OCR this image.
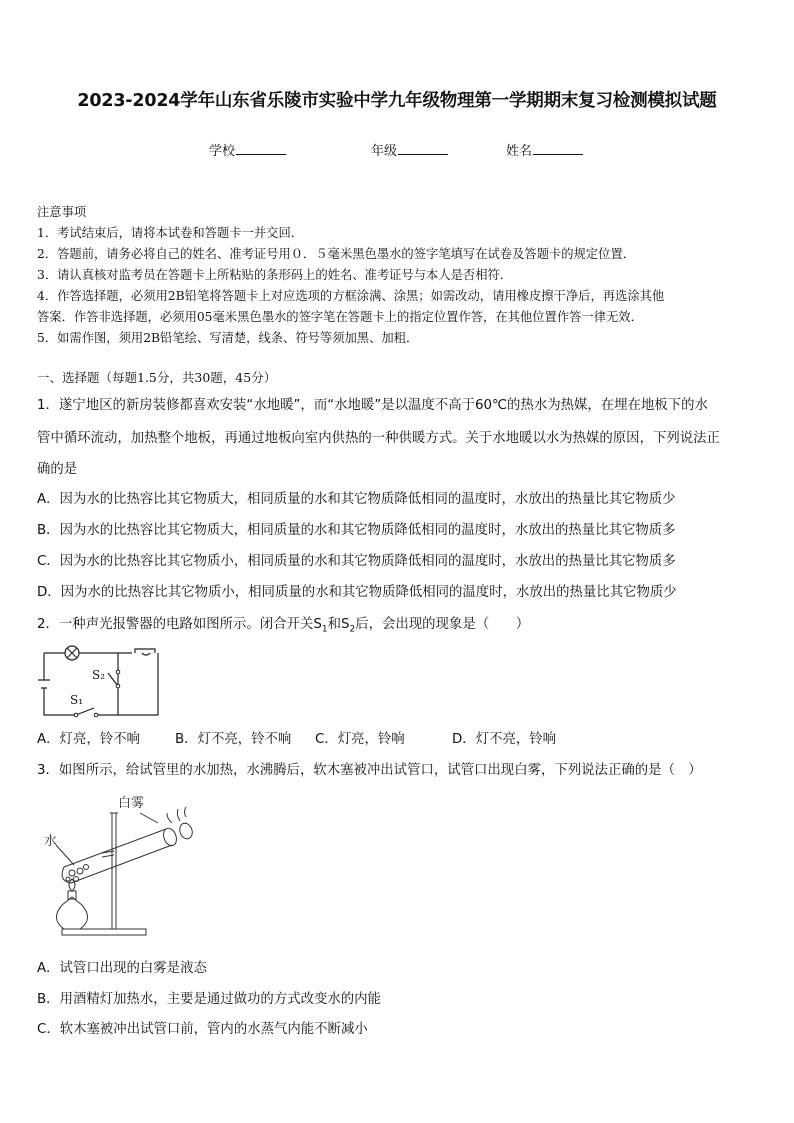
2023-2024学年山东省乐陵市实验中学九年级物理第一学期期末复习检测模拟试题
学校	年级	姓名

注意事项

1．考试结束后，请将本试卷和答题卡一并交回．

2．答题前，请务必将自己的姓名、准考证号用０．５毫米黑色墨水的签字笔填写在试卷及答题卡的规定位置．

3．请认真核对监考员在答题卡上所粘贴的条形码上的姓名、准考证号与本人是否相符．

4．作答选择题，必须用2B铅笔将答题卡上对应选项的方框涂满、涂黑；如需改动，请用橡皮擦干净后，再选涂其他

答案．作答非选择题，必须用05毫米黑色墨水的签字笔在答题卡上的指定位置作答，在其他位置作答一律无效．

5．如需作图，须用2B铅笔绘、写清楚，线条、符号等须加黑、加粗．

一、选择题（每题1.5分，共30题，45分）
1．遂宁地区的新房装修都喜欢安装“水地暖”，而“水地暖”是以温度不高于60℃的热水为热媒，在埋在地板下的水
管中循环流动，加热整个地板，再通过地板向室内供热的一种供暖方式。关于水地暖以水为热媒的原因，下列说法正
确的是
A．因为水的比热容比其它物质大，相同质量的水和其它物质降低相同的温度时，水放出的热量比其它物质少
B．因为水的比热容比其它物质大，相同质量的水和其它物质降低相同的温度时，水放出的热量比其它物质多
C．因为水的比热容比其它物质小，相同质量的水和其它物质降低相同的温度时，水放出的热量比其它物质多
D．因为水的比热容比其它物质小，相同质量的水和其它物质降低相同的温度时，水放出的热量比其它物质少
2．一种声光报警器的电路如图所示。闭合开关$S_1$和$S_2$后，会出现的现象是（　　）
S₂
S₁
A．灯亮，铃不响	B．灯不亮，铃不响 C．灯亮，铃响	D．灯不亮，铃响
3．如图所示，给试管里的水加热，水沸腾后，软木塞被冲出试管口，试管口出现白雾，下列说法正确的是（　）
白雾
水
A．试管口出现的白雾是液态
B．用酒精灯加热水，主要是通过做功的方式改变水的内能
C．软木塞被冲出试管口前，管内的水蒸气内能不断减小
